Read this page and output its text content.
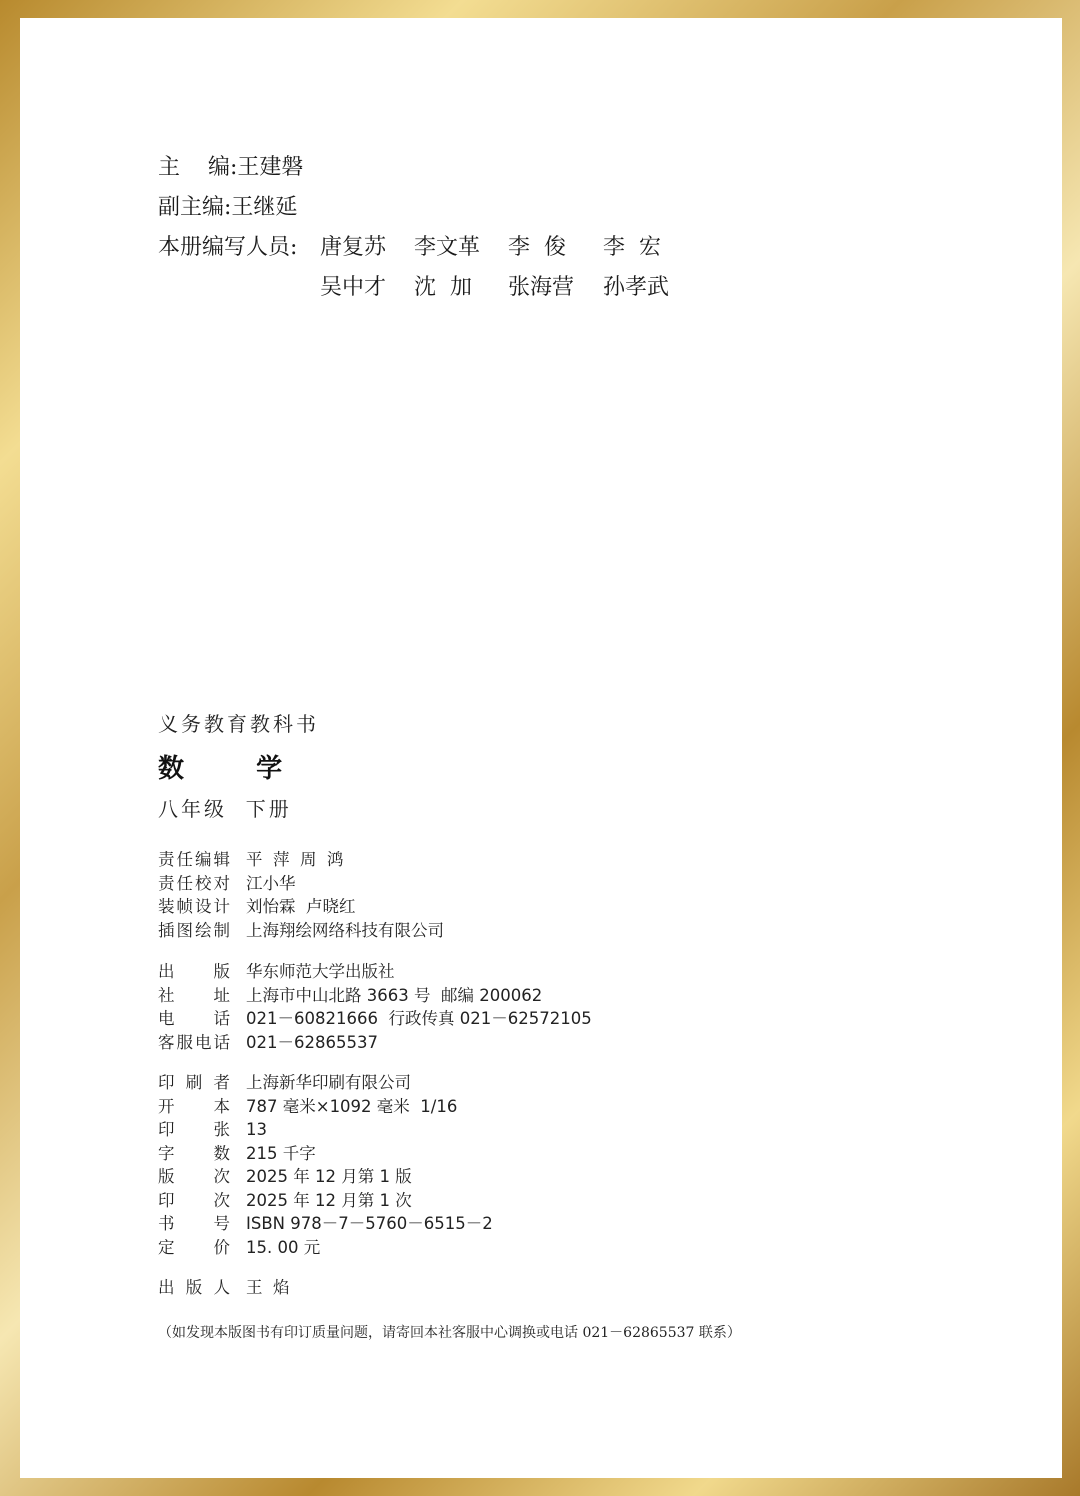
主    编:王建磐
副主编:王继延
本册编写人员: 唐复苏 李文革 李  俊 李  宏
吴中才 沈  加 张海营 孙孝武
义务教育教科书
数  学
八年级  下册
责 任 编 辑 平  萍  周  鸿
责 任 校 对 江小华
装 帧 设 计 刘怡霖  卢晓红
插 图 绘 制 上海翔绘网络科技有限公司
出 版 华东师范大学出版社
社 址 上海市中山北路 3663 号  邮编 200062
电 话 021－60821666  行政传真 021－62572105
客 服 电 话 021－62865537
印 刷 者 上海新华印刷有限公司
开 本 787 毫米×1092 毫米  1/16
印 张 13
字 数 215 千字
版 次 2025 年 12 月第 1 版
印 次 2025 年 12 月第 1 次
书 号 ISBN 978－7－5760－6515－2
定 价 15. 00 元
出 版 人 王  焰
（如发现本版图书有印订质量问题，请寄回本社客服中心调换或电话 021－62865537 联系）
